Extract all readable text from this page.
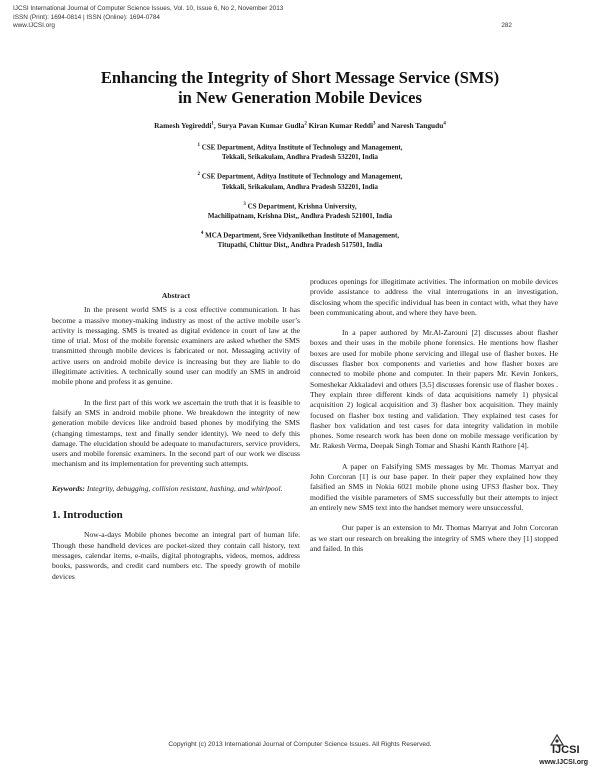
IJCSI International Journal of Computer Science Issues, Vol. 10, Issue 6, No 2, November 2013
ISSN (Print): 1694-0814 | ISSN (Online): 1694-0784
www.IJCSI.org	282
Enhancing the Integrity of Short Message Service (SMS)
in New Generation Mobile Devices
Ramesh Yegireddi$^1$, Surya Pavan Kumar Gudla$^2$ Kiran Kumar Reddi$^3$ and Naresh Tangudu$^4$
$^1$ CSE Department, Aditya Institute of Technology and Management,
Tekkali, Srikakulam, Andhra Pradesh 532201, India
$^2$ CSE Department, Aditya Institute of Technology and Management,
Tekkali, Srikakulam, Andhra Pradesh 532201, India
$^3$ CS Department, Krishna University,
Machilipatnam, Krishna Dist,, Andhra Pradesh 521001, India
$^4$ MCA Department, Sree Vidyanikethan Institute of Management,
Titupathi, Chittur Dist,, Andhra Pradesh 517501, India
Abstract

In the present world SMS is a cost effective communication. It has become a massive money-making industry as most of the active mobile user’s activity is messaging. SMS is treated as digital evidence in court of law at the time of trial. Most of the mobile forensic examiners are asked whether the SMS transmitted through mobile devices is fabricated or not. Messaging activity of active users on android mobile device is increasing but they are liable to do illegitimate activities. A technically sound user can modify an SMS in android mobile phone and profess it as genuine.

In the first part of this work we ascertain the truth that it is feasible to falsify an SMS in android mobile phone. We breakdown the integrity of new generation mobile devices like android based phones by modifying the SMS (changing timestamps, text and finally sender identity). We need to defy this damage. The elucidation should be adequate to manufacturers, service providers, users and mobile forensic examiners. In the second part of our work we discuss mechanism and its implementation for preventing such attempts.

Keywords: Integrity, debugging, collision resistant, hashing, and whirlpool.
1. Introduction

Now-a-days Mobile phones become an integral part of human life. Though these handheld devices are pocket-sized they contain call history, text messages, calendar items, e-mails, digital photographs, videos, memos, address books, passwords, and credit card numbers etc. The speedy growth of mobile devices

produces openings for illegitimate activities. The information on mobile devices provide assistance to address the vital interrogations in an investigation, disclosing whom the specific individual has been in contact with, what they have been communicating about, and where they have been.

In a paper authored by Mr.Al-Zarouni [2] discusses about flasher boxes and their uses in the mobile phone forensics. He mentions how flasher boxes are used for mobile phone servicing and illegal use of flasher boxes. He discusses flasher box components and varieties and how flasher boxes are connected to mobile phone and computer. In their papers Mr. Kevin Jonkers, Someshekar Akkaladevi and others [3,5] discusses forensic use of flasher boxes . They explain three different kinds of data acquisitions namely 1) physical acquisition 2) logical acquisition and 3) flasher box acquisition. They mainly focused on flasher box testing and validation. They explained test cases for flasher box validation and test cases for data integrity validation in mobile phones. Some research work has been done on mobile message verification by Mr. Rakesh Verma, Deepak Singh Tomar and Shashi Kanth Rathore [4].

A paper on Falsifying SMS messages by Mr. Thomas Marryat and John Corcoran [1] is our base paper. In their paper they explained how they falsified an SMS in Nokia 6021 mobile phone using UFS3 flasher box. They modified the visible parameters of SMS successfully but their attempts to inject an entirely new SMS text into the handset memory were unsuccessful.

Our paper is an extension to Mr. Thomas Marryat and John Corcoran as we start our research on breaking the integrity of SMS where they [1] stopped and failed. In this

Copyright (c) 2013 International Journal of Computer Science Issues. All Rights Reserved.	IJCSI
www.IJCSI.org
